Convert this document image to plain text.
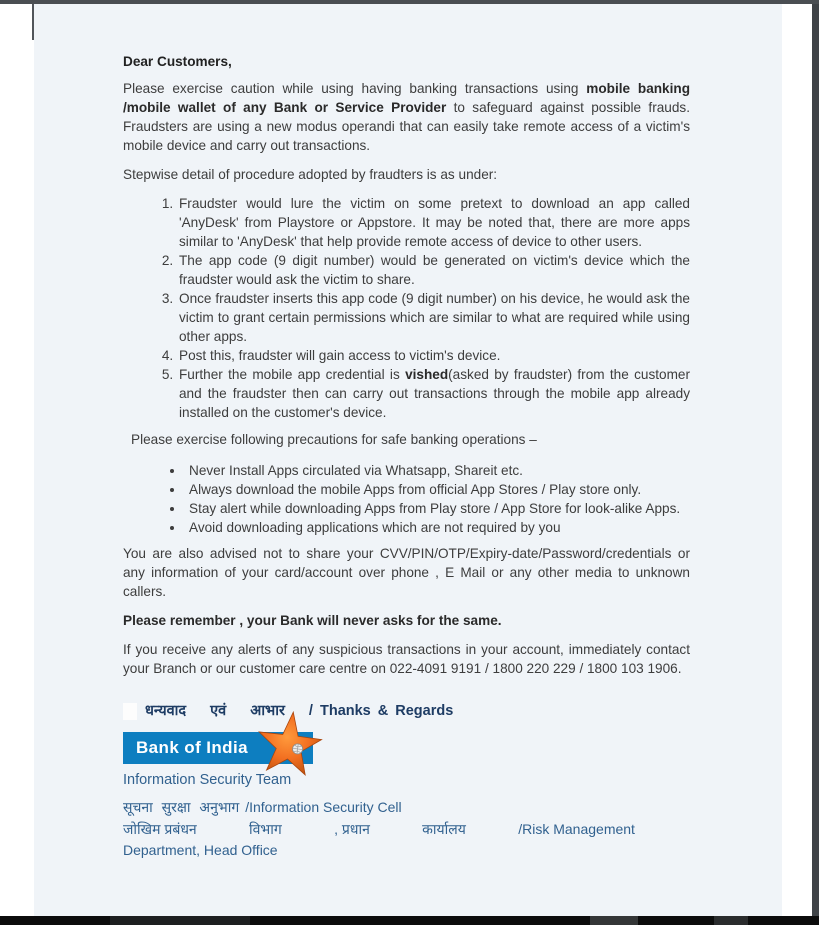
Dear Customers,

Please exercise caution while using having banking transactions using mobile banking /mobile wallet of any Bank or Service Provider to safeguard against possible frauds. Fraudsters are using a new modus operandi that can easily take remote access of a victim's mobile device and carry out transactions.

Stepwise detail of procedure adopted by fraudters is as under:

1. Fraudster would lure the victim on some pretext to download an app called 'AnyDesk' from Playstore or Appstore. It may be noted that, there are more apps similar to 'AnyDesk' that help provide remote access of device to other users.
2. The app code (9 digit number) would be generated on victim's device which the fraudster would ask the victim to share.
3. Once fraudster inserts this app code (9 digit number) on his device, he would ask the victim to grant certain permissions which are similar to what are required while using other apps.
4. Post this, fraudster will gain access to victim's device.
5. Further the mobile app credential is vished(asked by fraudster) from the customer and the fraudster then can carry out transactions through the mobile app already installed on the customer's device.

Please exercise following precautions for safe banking operations –

• Never Install Apps circulated via Whatsapp, Shareit etc.
• Always download the mobile Apps from official App Stores / Play store only.
• Stay alert while downloading Apps from Play store / App Store for look-alike Apps.
• Avoid downloading applications which are not required by you

You are also advised not to share your CVV/PIN/OTP/Expiry-date/Password/credentials or any information of your card/account over phone , E Mail or any other media to unknown callers.

Please remember , your Bank will never asks for the same.

If you receive any alerts of any suspicious transactions in your account, immediately contact your Branch or our customer care centre on 022-4091 9191 / 1800 220 229 / 1800 103 1906.

धन्यवाद एवं आभार / Thanks & Regards
Bank of India
Information Security Team
सूचना सुरक्षा अनुभाग /Information Security Cell
जोखिम प्रबंधन	विभाग	, प्रधान	कार्यालय	/Risk Management
Department, Head Office
